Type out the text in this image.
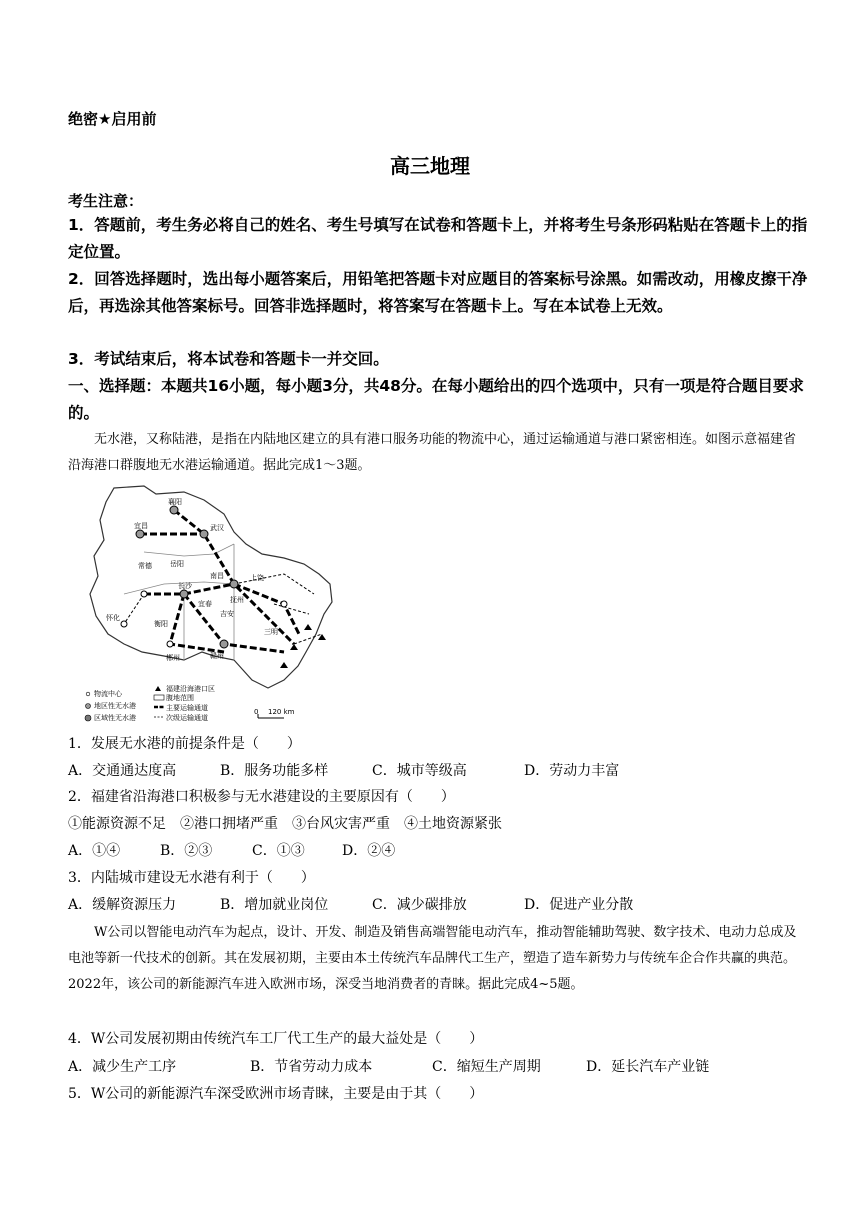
绝密★启用前
高三地理
考生注意：
1．答题前，考生务必将自己的姓名、考生号填写在试卷和答题卡上，并将考生号条形码粘贴在答题卡上的指定位置。
2．回答选择题时，选出每小题答案后，用铅笔把答题卡对应题目的答案标号涂黑。如需改动，用橡皮擦干净后，再选涂其他答案标号。回答非选择题时，将答案写在答题卡上。写在本试卷上无效。
3．考试结束后，将本试卷和答题卡一并交回。
一、选择题：本题共16小题，每小题3分，共48分。在每小题给出的四个选项中，只有一项是符合题目要求的。
无水港，又称陆港，是指在内陆地区建立的具有港口服务功能的物流中心，通过运输通道与港口紧密相连。如图示意福建省沿海港口群腹地无水港运输通道。据此完成1～3题。
襄阳
武汉
宜昌
常德	岳阳
南昌	上饶
长沙
宜春	抚州
吉安
怀化
衡阳
三明
郴州	赣州
物流中心
地区性无水港
区域性无水港
福建沿海港口区
腹地范围
主要运输通道
次级运输通道
0 120 km
1．发展无水港的前提条件是（　　）
A．交通通达度高	B．服务功能多样	C．城市等级高	D．劳动力丰富
2．福建省沿海港口积极参与无水港建设的主要原因有（　　）
①能源资源不足　②港口拥堵严重　③台风灾害严重　④土地资源紧张
A．①④	B．②③	C．①③	D．②④
3．内陆城市建设无水港有利于（　　）
A．缓解资源压力	B．增加就业岗位	C．减少碳排放	D．促进产业分散
W公司以智能电动汽车为起点，设计、开发、制造及销售高端智能电动汽车，推动智能辅助驾驶、数字技术、电动力总成及电池等新一代技术的创新。其在发展初期，主要由本土传统汽车品牌代工生产，塑造了造车新势力与传统车企合作共赢的典范。2022年，该公司的新能源汽车进入欧洲市场，深受当地消费者的青睐。据此完成4~5题。
4．W公司发展初期由传统汽车工厂代工生产的最大益处是（　　）
A．减少生产工序	B．节省劳动力成本	C．缩短生产周期	D．延长汽车产业链
5．W公司的新能源汽车深受欧洲市场青睐，主要是由于其（　　）
